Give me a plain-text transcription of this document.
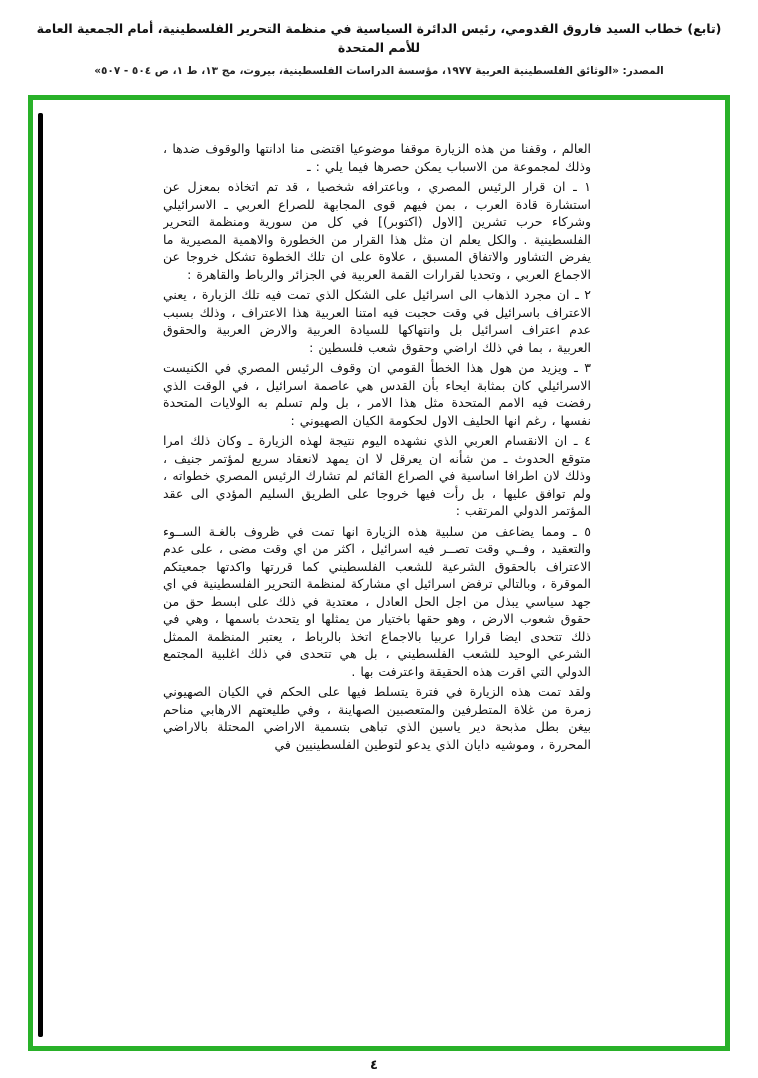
(تابع) خطاب السيد فاروق القدومي، رئيس الدائرة السياسية في منظمة التحرير الفلسطينية، أمام الجمعية العامة للأمم المتحدة
المصدر: «الوثائق الفلسطينية العربية ١٩٧٧، مؤسسة الدراسات الفلسطينية، بيروت، مج ١٣، ط ١، ص ٥٠٤ - ٥٠٧»

العالم ، وقفنا من هذه الزيارة موقفا موضوعيا اقتضى منا ادانتها والوقوف ضدها ، وذلك لمجموعة من الاسباب يمكن حصرها فيما يلي : ـ

١ ـ ان قرار الرئيس المصري ، وباعترافه شخصيا ، قد تم اتخاذه بمعزل عن استشارة قادة العرب ، بمن فيهم قوى المجابهة للصراع العربي ـ الاسرائيلي وشركاء حرب تشرين [الاول (اكتوبر)] في كل من سورية ومنظمة التحرير الفلسطينية . والكل يعلم ان مثل هذا القرار من الخطورة والاهمية المصيرية ما يفرض التشاور والاتفاق المسبق ، علاوة على ان تلك الخطوة تشكل خروجا عن الاجماع العربي ، وتحديا لقرارات القمة العربية في الجزائر والرباط والقاهرة :

٢ ـ ان مجرد الذهاب الى اسرائيل على الشكل الذي تمت فيه تلك الزيارة ، يعني الاعتراف باسرائيل في وقت حجبت فيه امتنا العربية هذا الاعتراف ، وذلك بسبب عدم اعتراف اسرائيل بل وانتهاكها للسيادة العربية والارض العربية والحقوق العربية ، بما في ذلك اراضي وحقوق شعب فلسطين :

٣ ـ ويزيد من هول هذا الخطأ القومي ان وقوف الرئيس المصري في الكنيست الاسرائيلي كان بمثابة ايحاء بأن القدس هي عاصمة اسرائيل ، في الوقت الذي رفضت فيه الامم المتحدة مثل هذا الامر ، بل ولم تسلم به الولايات المتحدة نفسها ، رغم انها الحليف الاول لحكومة الكيان الصهيوني :

٤ ـ ان الانقسام العربي الذي نشهده اليوم نتيجة لهذه الزيارة ـ وكان ذلك امرا متوقع الحدوث ـ من شأنه ان يعرقل لا ان يمهد لانعقاد سريع لمؤتمر جنيف ، وذلك لان اطرافا اساسية في الصراع القائم لم تشارك الرئيس المصري خطواته ، ولم توافق عليها ، بل رأت فيها خروجا على الطريق السليم المؤدي الى عقد المؤتمر الدولي المرتقب :

٥ ـ ومما يضاعف من سلبية هذه الزيارة انها تمت في ظروف بالغـة الســوء والتعقيد ، وفــي وقت تصــر فيه اسرائيل ، اكثر من اي وقت مضى ، على عدم الاعتراف بالحقوق الشرعية للشعب الفلسطيني كما قررتها واكدتها جمعيتكم الموقرة ، وبالتالي ترفض اسرائيل اي مشاركة لمنظمة التحرير الفلسطينية في اي جهد سياسي يبذل من اجل الحل العادل ، معتدية في ذلك على ابسط حق من حقوق شعوب الارض ، وهو حقها باختيار من يمثلها او يتحدث باسمها ، وهي في ذلك تتحدى ايضا قرارا عربيا بالاجماع اتخذ بالرباط ، يعتبر المنظمة الممثل الشرعي الوحيد للشعب الفلسطيني ، بل هي تتحدى في ذلك اغلبية المجتمع الدولي التي اقرت هذه الحقيقة واعترفت بها .

ولقد تمت هذه الزيارة في فترة يتسلط فيها على الحكم في الكيان الصهيوني زمرة من غلاة المتطرفين والمتعصبين الصهاينة ، وفي طليعتهم الارهابي مناحم بيغن بطل مذبحة دير ياسين الذي تباهى بتسمية الاراضي المحتلة بالاراضي المحررة ، وموشيه دايان الذي يدعو لتوطين الفلسطينيين في

٤
